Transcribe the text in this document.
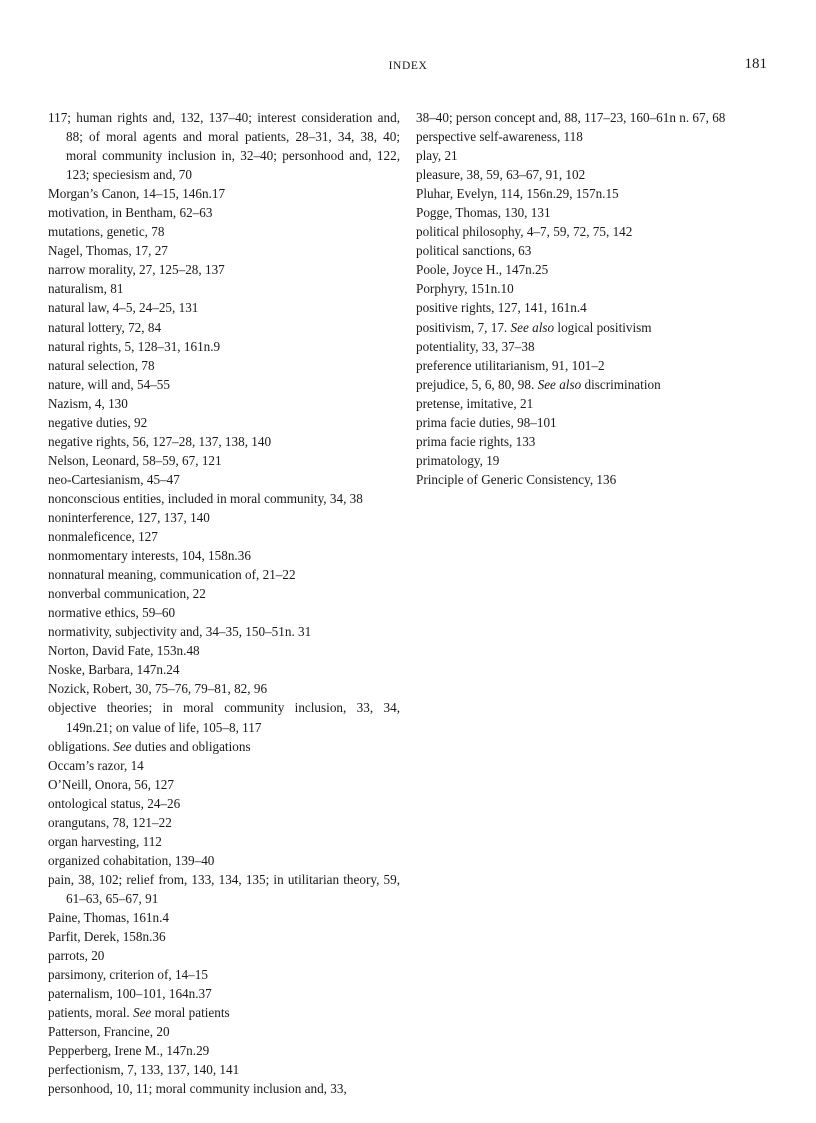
INDEX	181

117; human rights and, 132, 137–40; interest consideration and, 88; of moral agents and moral patients, 28–31, 34, 38, 40; moral community inclusion in, 32–40; personhood and, 122, 123; speciesism and, 70

Morgan’s Canon, 14–15, 146n.17

motivation, in Bentham, 62–63

mutations, genetic, 78

Nagel, Thomas, 17, 27

narrow morality, 27, 125–28, 137

naturalism, 81

natural law, 4–5, 24–25, 131

natural lottery, 72, 84

natural rights, 5, 128–31, 161n.9

natural selection, 78

nature, will and, 54–55

Nazism, 4, 130

negative duties, 92

negative rights, 56, 127–28, 137, 138, 140

Nelson, Leonard, 58–59, 67, 121

neo-Cartesianism, 45–47

nonconscious entities, included in moral community, 34, 38

noninterference, 127, 137, 140

nonmaleficence, 127

nonmomentary interests, 104, 158n.36

nonnatural meaning, communication of, 21–22

nonverbal communication, 22

normative ethics, 59–60

normativity, subjectivity and, 34–35, 150–51n. 31

Norton, David Fate, 153n.48

Noske, Barbara, 147n.24

Nozick, Robert, 30, 75–76, 79–81, 82, 96

objective theories; in moral community inclusion, 33, 34, 149n.21; on value of life, 105–8, 117

obligations. See duties and obligations

Occam’s razor, 14

O’Neill, Onora, 56, 127

ontological status, 24–26

orangutans, 78, 121–22

organ harvesting, 112

organized cohabitation, 139–40

pain, 38, 102; relief from, 133, 134, 135; in utilitarian theory, 59, 61–63, 65–67, 91

Paine, Thomas, 161n.4

Parfit, Derek, 158n.36

parrots, 20

parsimony, criterion of, 14–15

paternalism, 100–101, 164n.37

patients, moral. See moral patients

Patterson, Francine, 20

Pepperberg, Irene M., 147n.29

perfectionism, 7, 133, 137, 140, 141

personhood, 10, 11; moral community inclusion and, 33,

38–40; person concept and, 88, 117–23, 160–61n n. 67, 68

perspective self-awareness, 118

play, 21

pleasure, 38, 59, 63–67, 91, 102

Pluhar, Evelyn, 114, 156n.29, 157n.15

Pogge, Thomas, 130, 131

political philosophy, 4–7, 59, 72, 75, 142

political sanctions, 63

Poole, Joyce H., 147n.25

Porphyry, 151n.10

positive rights, 127, 141, 161n.4

positivism, 7, 17. See also logical positivism

potentiality, 33, 37–38

preference utilitarianism, 91, 101–2

prejudice, 5, 6, 80, 98. See also discrimination

pretense, imitative, 21

prima facie duties, 98–101

prima facie rights, 133

primatology, 19

Principle of Generic Consistency, 136
